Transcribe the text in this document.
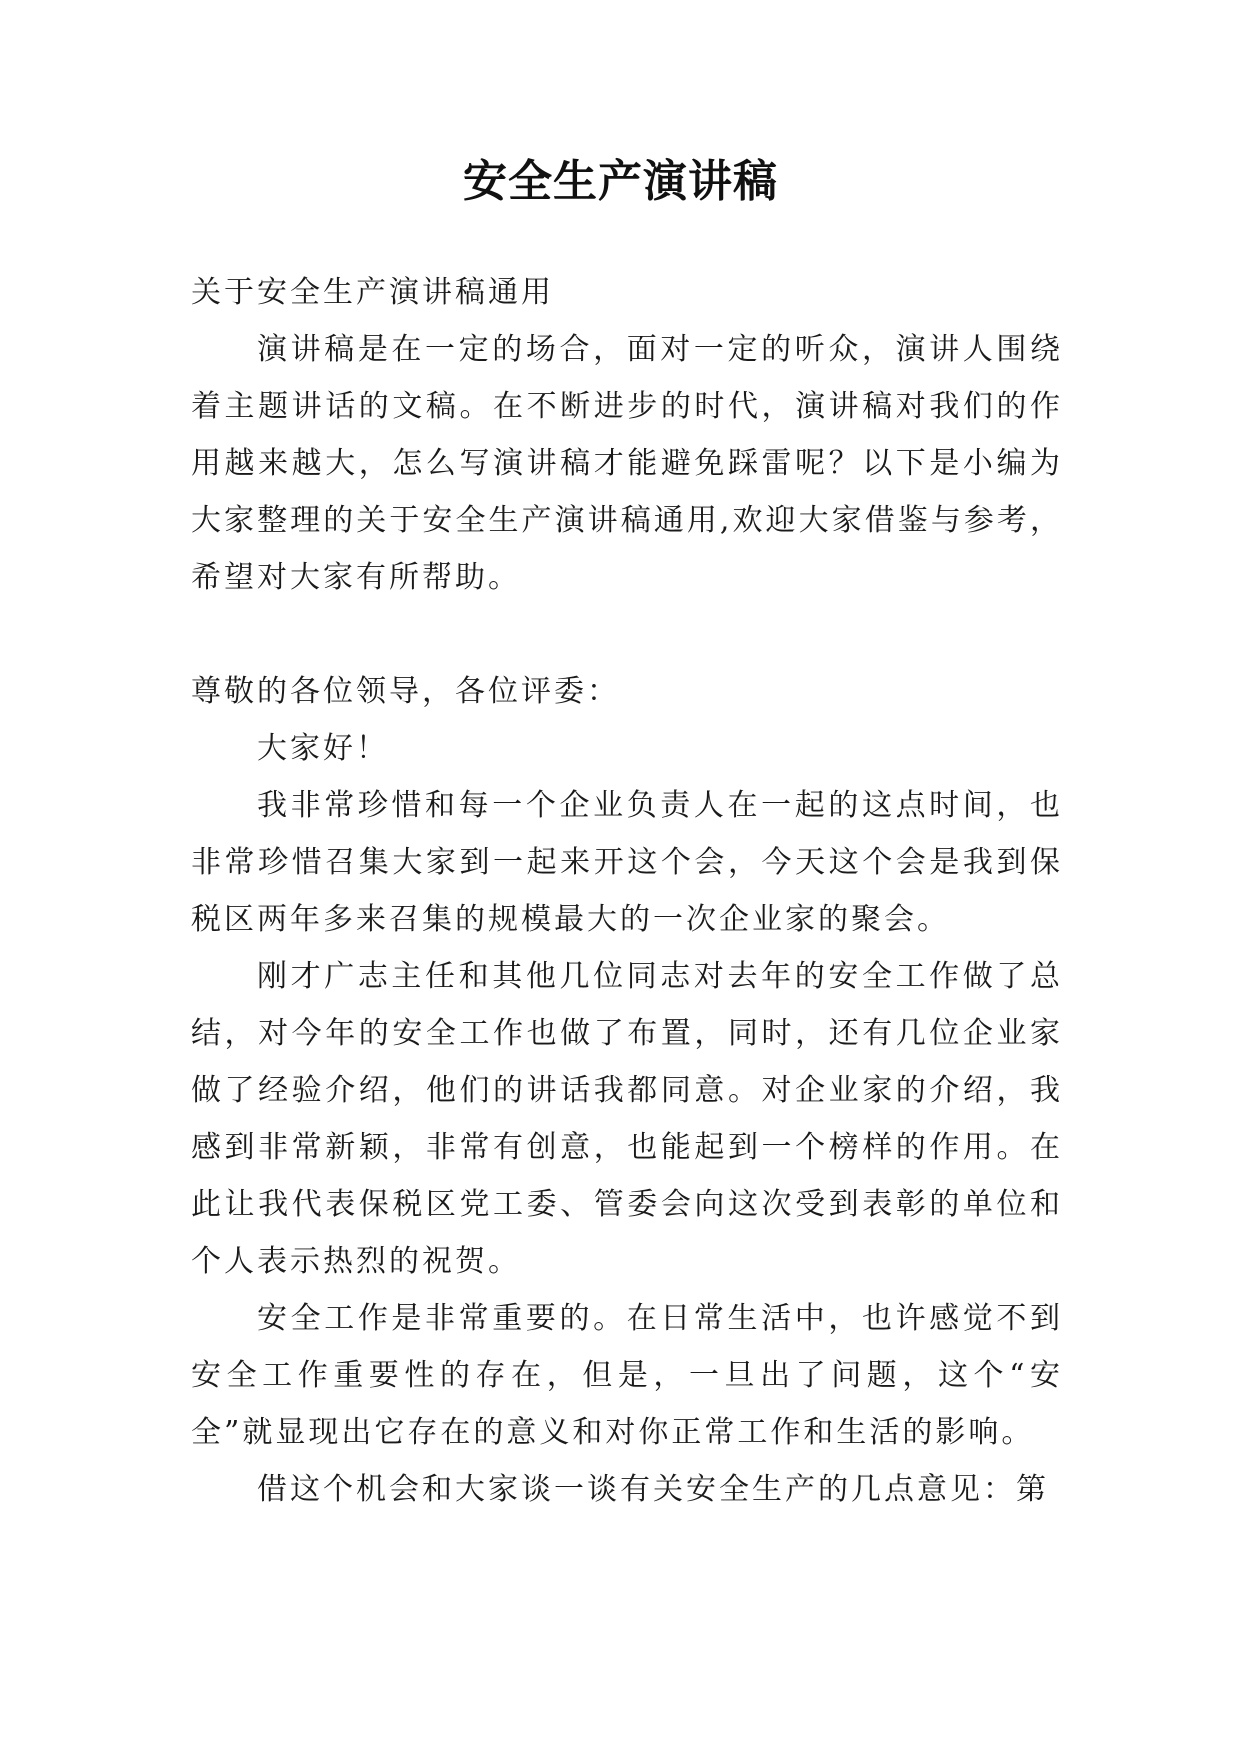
安全生产演讲稿

关于安全生产演讲稿通用

演讲稿是在一定的场合，面对一定的听众，演讲人围绕着主题讲话的文稿。在不断进步的时代，演讲稿对我们的作用越来越大，怎么写演讲稿才能避免踩雷呢？以下是小编为大家整理的关于安全生产演讲稿通用,欢迎大家借鉴与参考，希望对大家有所帮助。

尊敬的各位领导，各位评委：

大家好！

我非常珍惜和每一个企业负责人在一起的这点时间，也非常珍惜召集大家到一起来开这个会，今天这个会是我到保税区两年多来召集的规模最大的一次企业家的聚会。

刚才广志主任和其他几位同志对去年的安全工作做了总结，对今年的安全工作也做了布置，同时，还有几位企业家做了经验介绍，他们的讲话我都同意。对企业家的介绍，我感到非常新颖，非常有创意，也能起到一个榜样的作用。在此让我代表保税区党工委、管委会向这次受到表彰的单位和个人表示热烈的祝贺。

安全工作是非常重要的。在日常生活中，也许感觉不到安全工作重要性的存在，但是，一旦出了问题，这个“安全”就显现出它存在的意义和对你正常工作和生活的影响。

借这个机会和大家谈一谈有关安全生产的几点意见：第
